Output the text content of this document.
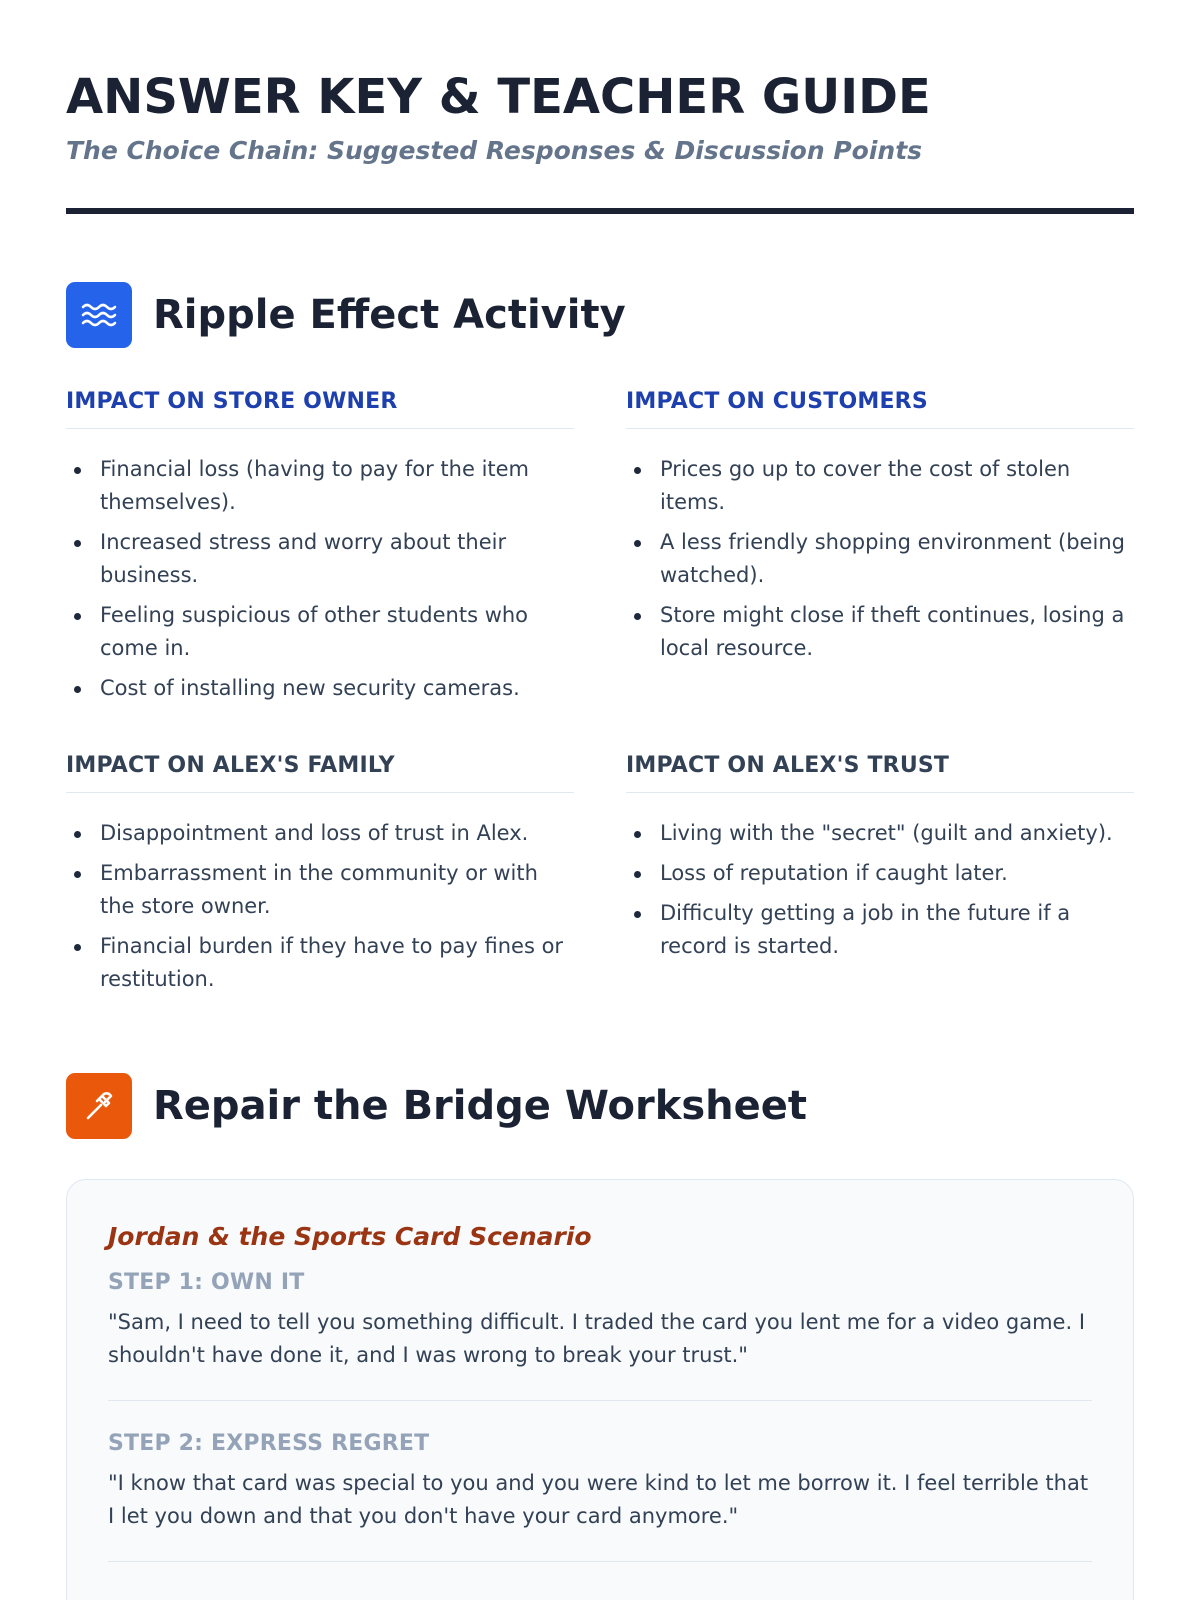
ANSWER KEY & TEACHER GUIDE

The Choice Chain: Suggested Responses & Discussion Points

Ripple Effect Activity
IMPACT ON STORE OWNER
Financial loss (having to pay for the item themselves).
Increased stress and worry about their business.
Feeling suspicious of other students who come in.
Cost of installing new security cameras.
IMPACT ON CUSTOMERS
Prices go up to cover the cost of stolen items.
A less friendly shopping environment (being watched).
Store might close if theft continues, losing a local resource.
IMPACT ON ALEX'S FAMILY
Disappointment and loss of trust in Alex.
Embarrassment in the community or with the store owner.
Financial burden if they have to pay fines or restitution.
IMPACT ON ALEX'S TRUST
Living with the "secret" (guilt and anxiety).
Loss of reputation if caught later.
Difficulty getting a job in the future if a record is started.
Repair the Bridge Worksheet
Jordan & the Sports Card Scenario

STEP 1: OWN IT

"Sam, I need to tell you something difficult. I traded the card you lent me for a video game. I shouldn't have done it, and I was wrong to break your trust."

STEP 2: EXPRESS REGRET

"I know that card was special to you and you were kind to let me borrow it. I feel terrible that I let you down and that you don't have your card anymore."
